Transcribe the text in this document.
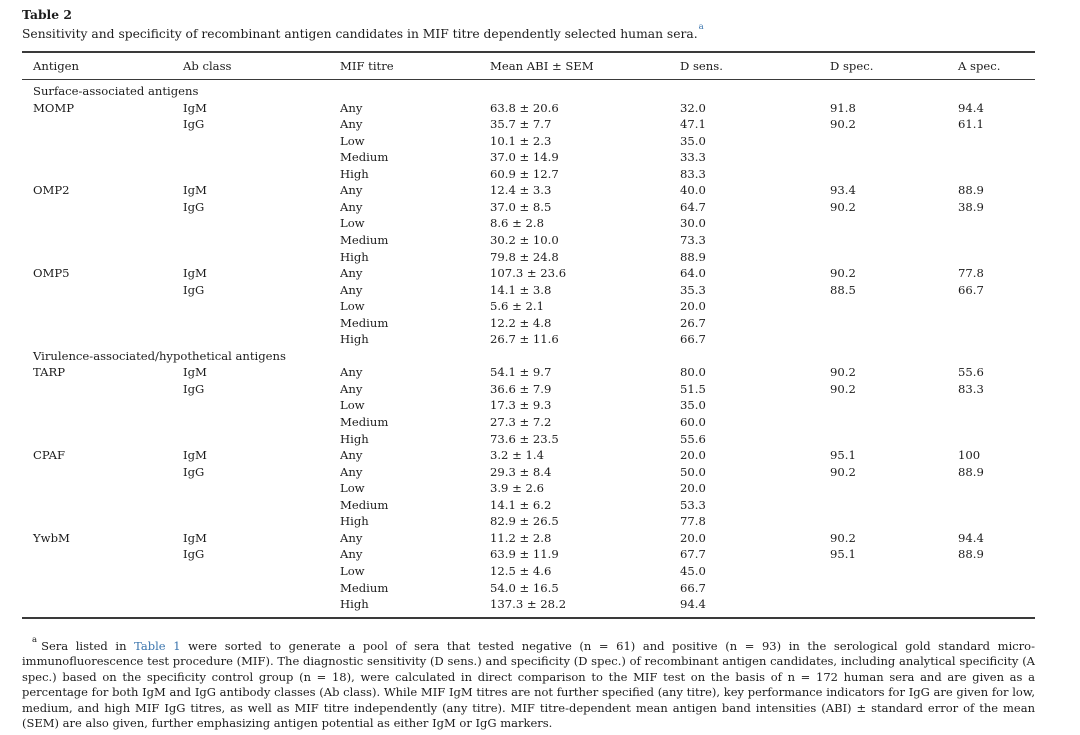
Table 2
Sensitivity and specificity of recombinant antigen candidates in MIF titre dependently selected human sera.$^a$
Antigen	Ab class	MIF titre	Mean ABI ± SEM	D sens.	D spec.	A spec.
Surface-associated antigens						
MOMP	IgM	Any	63.8 ± 20.6	32.0	91.8	94.4
	IgG	Any	35.7 ± 7.7	47.1	90.2	61.1
		Low	10.1 ± 2.3	35.0		
		Medium	37.0 ± 14.9	33.3		
		High	60.9 ± 12.7	83.3		
OMP2	IgM	Any	12.4 ± 3.3	40.0	93.4	88.9
	IgG	Any	37.0 ± 8.5	64.7	90.2	38.9
		Low	8.6 ± 2.8	30.0		
		Medium	30.2 ± 10.0	73.3		
		High	79.8 ± 24.8	88.9		
OMP5	IgM	Any	107.3 ± 23.6	64.0	90.2	77.8
	IgG	Any	14.1 ± 3.8	35.3	88.5	66.7
		Low	5.6 ± 2.1	20.0		
		Medium	12.2 ± 4.8	26.7		
		High	26.7 ± 11.6	66.7		
Virulence-associated/hypothetical antigens						
TARP	IgM	Any	54.1 ± 9.7	80.0	90.2	55.6
	IgG	Any	36.6 ± 7.9	51.5	90.2	83.3
		Low	17.3 ± 9.3	35.0		
		Medium	27.3 ± 7.2	60.0		
		High	73.6 ± 23.5	55.6		
CPAF	IgM	Any	3.2 ± 1.4	20.0	95.1	100
	IgG	Any	29.3 ± 8.4	50.0	90.2	88.9
		Low	3.9 ± 2.6	20.0		
		Medium	14.1 ± 6.2	53.3		
		High	82.9 ± 26.5	77.8		
YwbM	IgM	Any	11.2 ± 2.8	20.0	90.2	94.4
	IgG	Any	63.9 ± 11.9	67.7	95.1	88.9
		Low	12.5 ± 4.6	45.0		
		Medium	54.0 ± 16.5	66.7		
		High	137.3 ± 28.2	94.4		
$^a$ Sera listed in Table 1 were sorted to generate a pool of sera that tested negative (n = 61) and positive (n = 93) in the serological gold standard micro-immunofluorescence test procedure (MIF). The diagnostic sensitivity (D sens.) and specificity (D spec.) of recombinant antigen candidates, including analytical specificity (A spec.) based on the specificity control group (n = 18), were calculated in direct comparison to the MIF test on the basis of n = 172 human sera and are given as a percentage for both IgM and IgG antibody classes (Ab class). While MIF IgM titres are not further specified (any titre), key performance indicators for IgG are given for low, medium, and high MIF IgG titres, as well as MIF titre independently (any titre). MIF titre-dependent mean antigen band intensities (ABI) ± standard error of the mean (SEM) are also given, further emphasizing antigen potential as either IgM or IgG markers.
